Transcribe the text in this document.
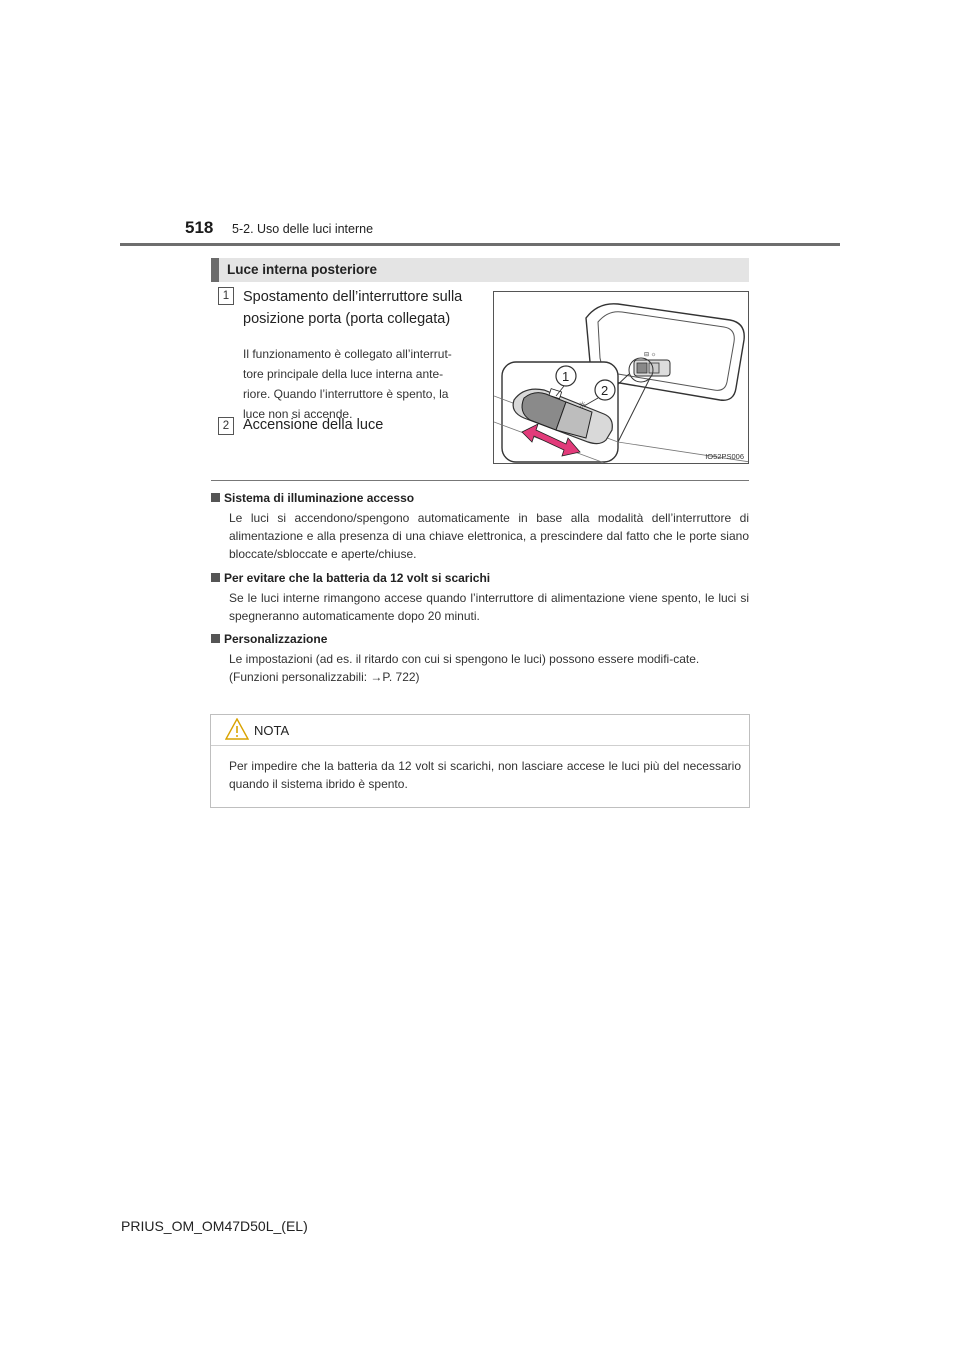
518 5-2. Uso delle luci interne
Luce interna posteriore
1 Spostamento dell’interruttore sulla
posizione porta (porta collegata)
Il funzionamento è collegato all’interrut-
tore principale della luce interna ante-
riore. Quando l’interruttore è spento, la
luce non si accende.
2 Accensione della luce
⊟ ☼
☼
1
2
IO52PS006
Sistema di illuminazione accesso
Le luci si accendono/spengono automaticamente in base alla modalità dell’interruttore di alimentazione e alla presenza di una chiave elettronica, a prescindere dal fatto che le porte siano bloccate/sbloccate e aperte/chiuse.
Per evitare che la batteria da 12 volt si scarichi
Se le luci interne rimangono accese quando l’interruttore di alimentazione viene spento, le luci si spegneranno automaticamente dopo 20 minuti.
Personalizzazione
Le impostazioni (ad es. il ritardo con cui si spengono le luci) possono essere modifi-cate.
(Funzioni personalizzabili: →P. 722)
NOTA
Per impedire che la batteria da 12 volt si scarichi, non lasciare accese le luci più del necessario quando il sistema ibrido è spento.
PRIUS_OM_OM47D50L_(EL)
